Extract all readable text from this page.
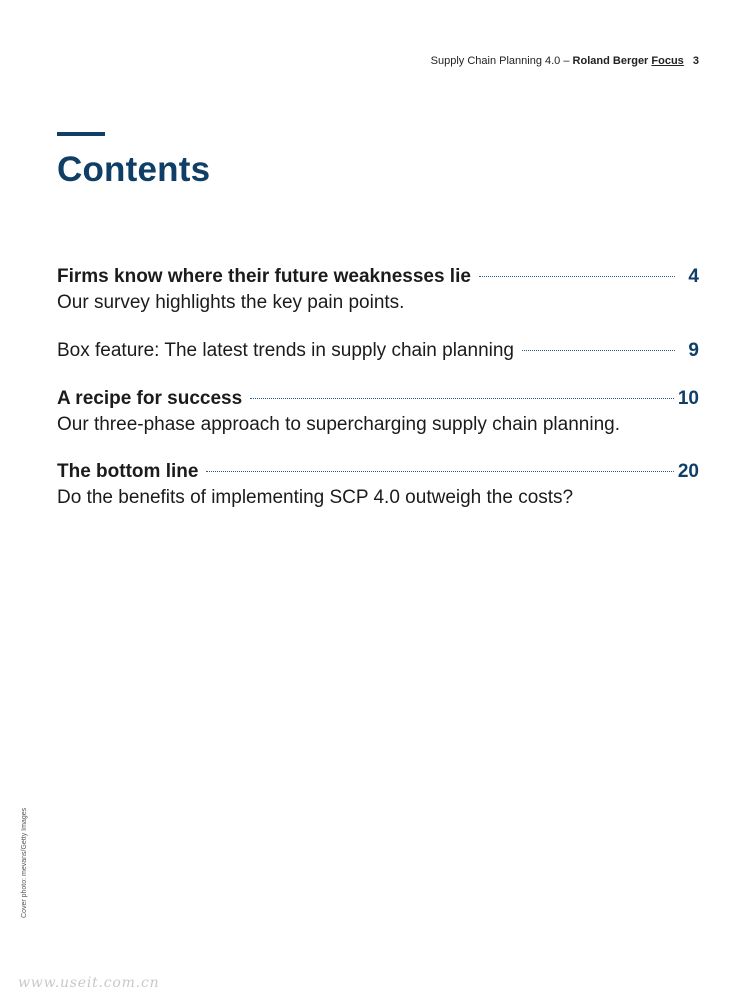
Supply Chain Planning 4.0 – Roland Berger Focus 3
Contents
Firms know where their future weaknesses lie	4
Our survey highlights the key pain points.
Box feature: The latest trends in supply chain planning	9
A recipe for success	10
Our three-phase approach to supercharging supply chain planning.
The bottom line	20
Do the benefits of implementing SCP 4.0 outweigh the costs?
Cover photo: mevans/Getty Images
www.useit.com.cn
